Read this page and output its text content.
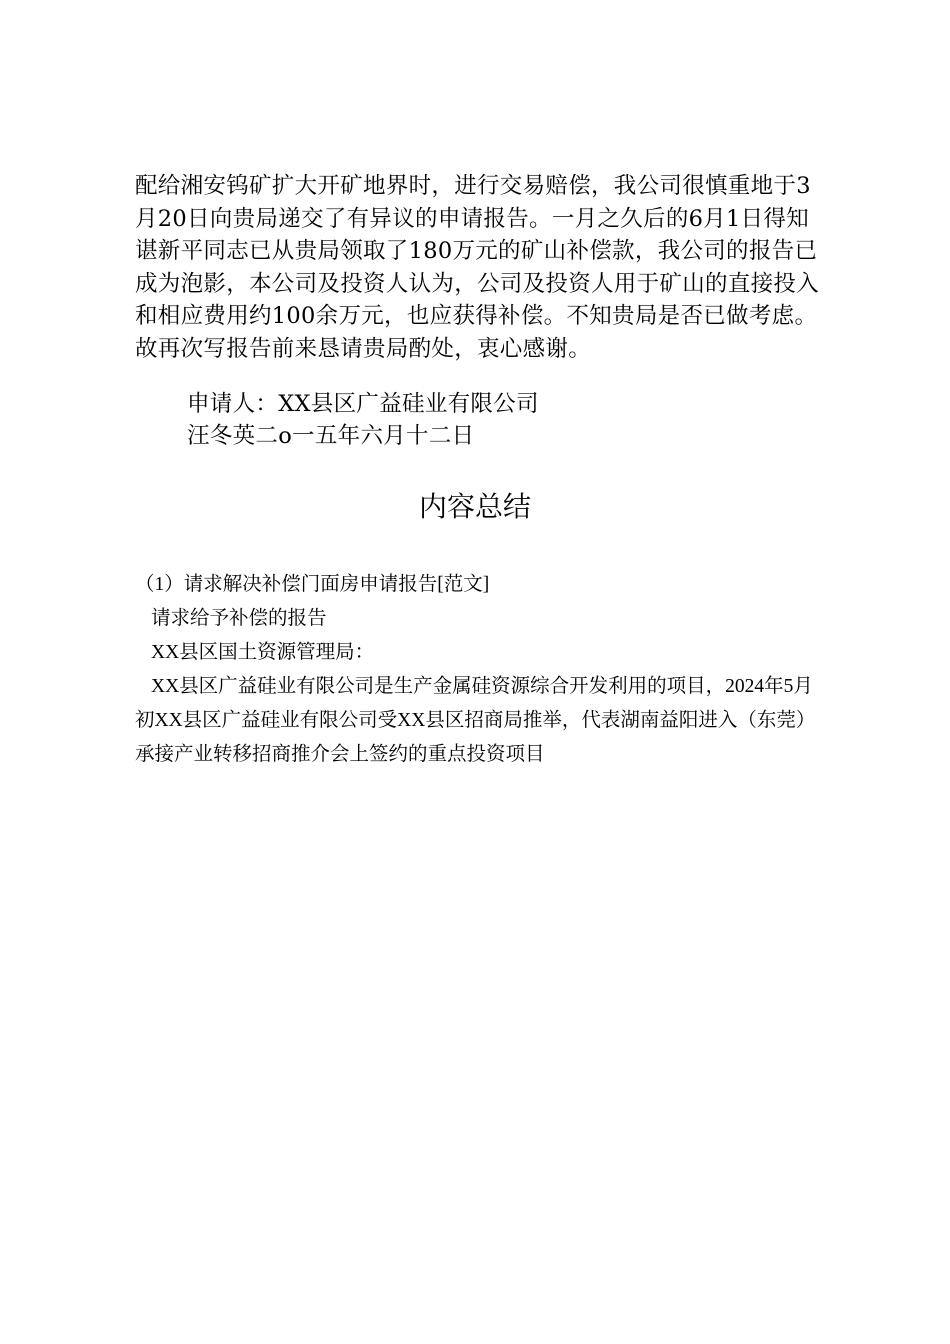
配给湘安钨矿扩大开矿地界时，进行交易赔偿，我公司很慎重地于3月20日向贵局递交了有异议的申请报告。一月之久后的6月1日得知谌新平同志已从贵局领取了180万元的矿山补偿款，我公司的报告已成为泡影，本公司及投资人认为，公司及投资人用于矿山的直接投入和相应费用约100余万元，也应获得补偿。不知贵局是否已做考虑。故再次写报告前来恳请贵局酌处，衷心感谢。

申请人：XX县区广益硅业有限公司
汪冬英二o一五年六月十二日
内容总结

（1）请求解决补偿门面房申请报告[范文]

请求给予补偿的报告

XX县区国土资源管理局：

XX县区广益硅业有限公司是生产金属硅资源综合开发利用的项目，2024年5月初XX县区广益硅业有限公司受XX县区招商局推举，代表湖南益阳进入（东莞）承接产业转移招商推介会上签约的重点投资项目
